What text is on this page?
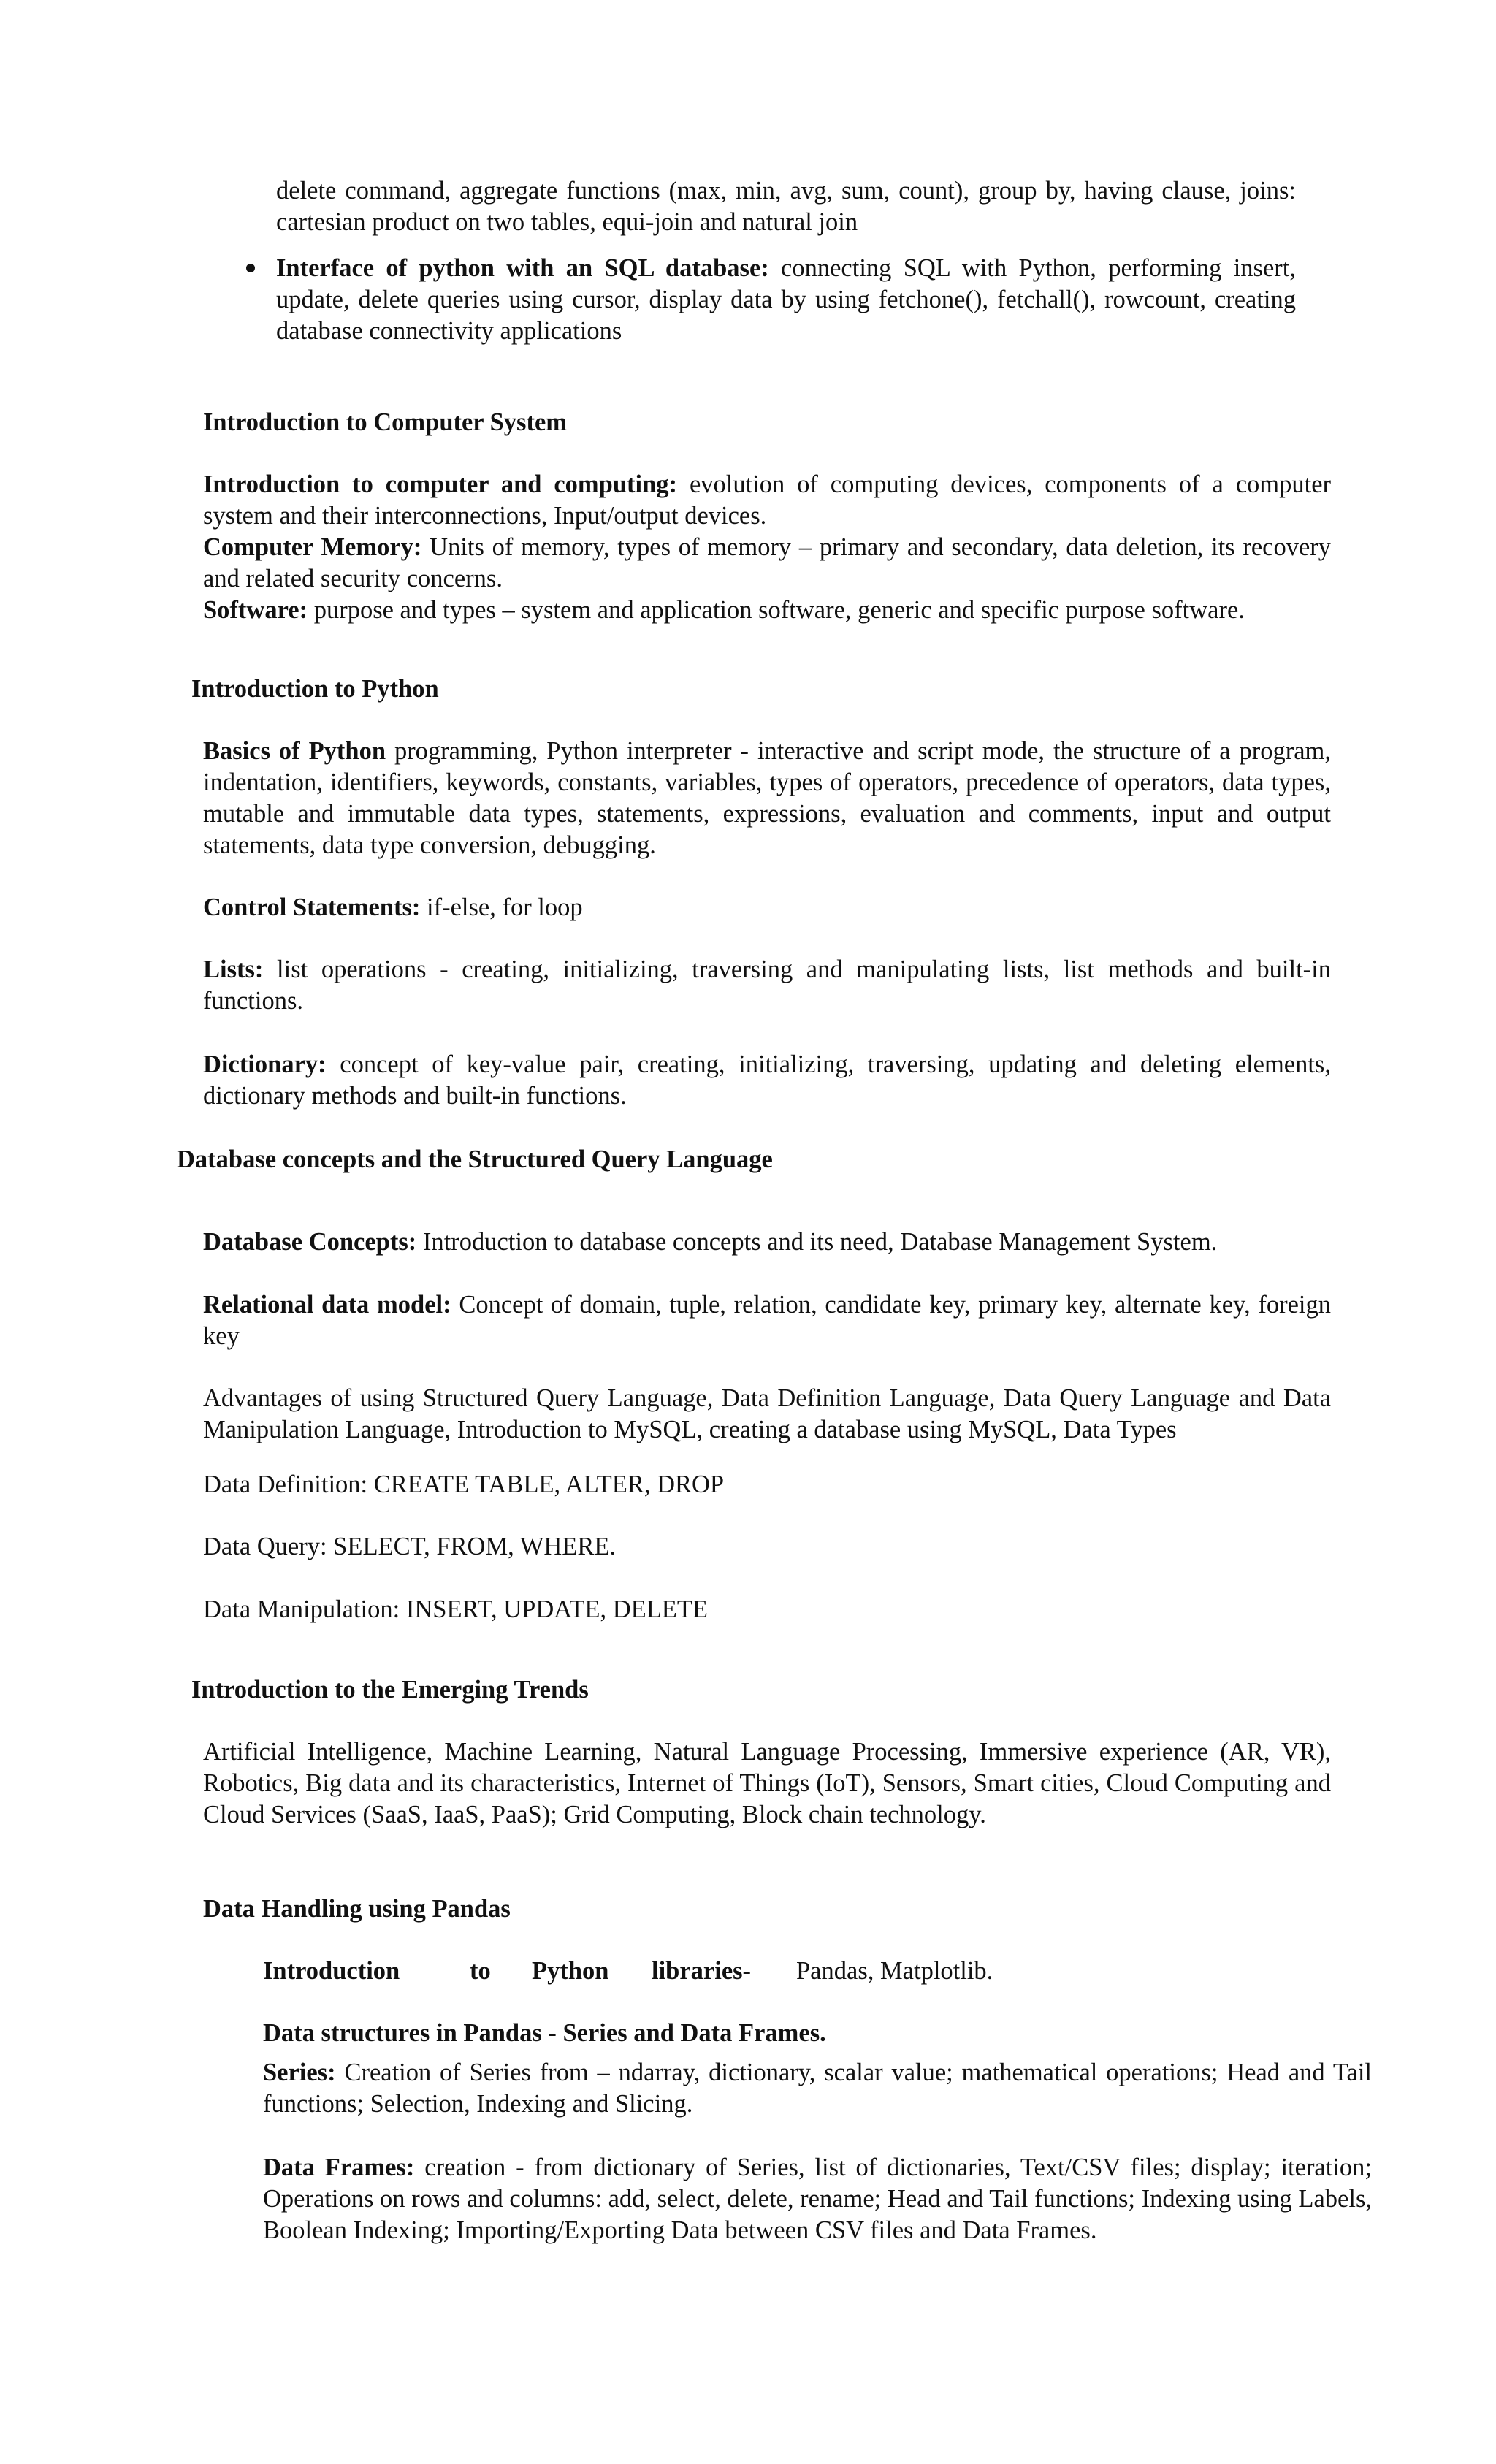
delete command, aggregate functions (max, min, avg, sum, count), group by, having clause, joins: cartesian product on two tables, equi-join and natural join

Interface of python with an SQL database: connecting SQL with Python, performing insert, update, delete queries using cursor, display data by using fetchone(), fetchall(), rowcount, creating database connectivity applications

Introduction to Computer System

Introduction to computer and computing: evolution of computing devices, components of a computer system and their interconnections, Input/output devices.
Computer Memory: Units of memory, types of memory – primary and secondary, data deletion, its recovery and related security concerns.
Software: purpose and types – system and application software, generic and specific purpose software.

Introduction to Python

Basics of Python programming, Python interpreter - interactive and script mode, the structure of a program, indentation, identifiers, keywords, constants, variables, types of operators, precedence of operators, data types, mutable and immutable data types, statements, expressions, evaluation and comments, input and output statements, data type conversion, debugging.

Control Statements: if-else, for loop

Lists: list operations - creating, initializing, traversing and manipulating lists, list methods and built-in functions.

Dictionary: concept of key-value pair, creating, initializing, traversing, updating and deleting elements, dictionary methods and built-in functions.

Database concepts and the Structured Query Language

Database Concepts: Introduction to database concepts and its need, Database Management System.

Relational data model: Concept of domain, tuple, relation, candidate key, primary key, alternate key, foreign key

Advantages of using Structured Query Language, Data Definition Language, Data Query Language and Data Manipulation Language, Introduction to MySQL, creating a database using MySQL, Data Types

Data Definition: CREATE TABLE, ALTER, DROP

Data Query: SELECT, FROM, WHERE.

Data Manipulation: INSERT, UPDATE, DELETE

Introduction to the Emerging Trends

Artificial Intelligence, Machine Learning, Natural Language Processing, Immersive experience (AR, VR), Robotics, Big data and its characteristics, Internet of Things (IoT), Sensors, Smart cities, Cloud Computing and Cloud Services (SaaS, IaaS, PaaS); Grid Computing, Block chain technology.

Data Handling using Pandas
Introduction	to Python libraries- Pandas, Matplotlib.

Data structures in Pandas - Series and Data Frames.

Series: Creation of Series from – ndarray, dictionary, scalar value; mathematical operations; Head and Tail functions; Selection, Indexing and Slicing.

Data Frames: creation - from dictionary of Series, list of dictionaries, Text/CSV files; display; iteration; Operations on rows and columns: add, select, delete, rename; Head and Tail functions; Indexing using Labels, Boolean Indexing; Importing/Exporting Data between CSV files and Data Frames.
